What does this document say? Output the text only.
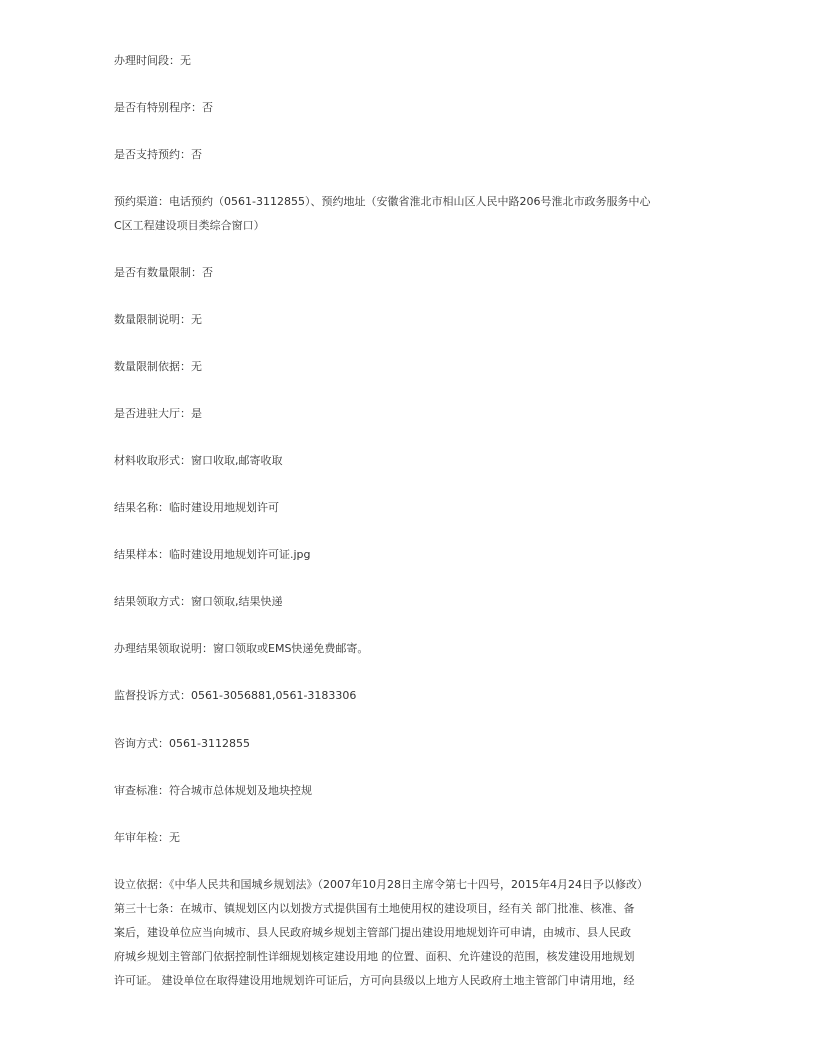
办理时间段：无
是否有特别程序：否
是否支持预约：否
预约渠道：电话预约（0561-3112855）、预约地址（安徽省淮北市相山区人民中路206号淮北市政务服务中心
C区工程建设项目类综合窗口）
是否有数量限制：否
数量限制说明：无
数量限制依据：无
是否进驻大厅：是
材料收取形式：窗口收取,邮寄收取
结果名称：临时建设用地规划许可
结果样本：临时建设用地规划许可证.jpg
结果领取方式：窗口领取,结果快递
办理结果领取说明：窗口领取或EMS快递免费邮寄。
监督投诉方式：0561-3056881,0561-3183306
咨询方式：0561-3112855
审查标准：符合城市总体规划及地块控规
年审年检：无
设立依据：《中华人民共和国城乡规划法》（2007年10月28日主席令第七十四号，2015年4月24日予以修改）
第三十七条：在城市、镇规划区内以划拨方式提供国有土地使用权的建设项目，经有关 部门批准、核准、备
案后，建设单位应当向城市、县人民政府城乡规划主管部门提出建设用地规划许可申请，由城市、县人民政
府城乡规划主管部门依据控制性详细规划核定建设用地 的位置、面积、允许建设的范围，核发建设用地规划
许可证。 建设单位在取得建设用地规划许可证后，方可向县级以上地方人民政府土地主管部门申请用地，经
